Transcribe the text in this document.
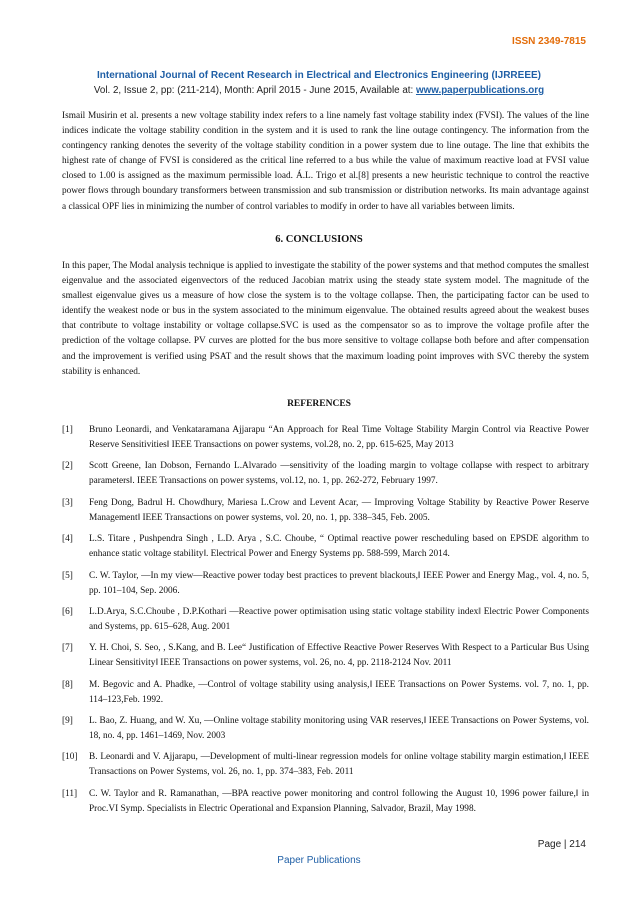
ISSN 2349-7815
International Journal of Recent Research in Electrical and Electronics Engineering (IJRREEE)
Vol. 2, Issue 2, pp: (211-214), Month: April 2015 - June 2015, Available at: www.paperpublications.org
Ismail Musirin et al. presents a new voltage stability index refers to a line namely fast voltage stability index (FVSI). The values of the line indices indicate the voltage stability condition in the system and it is used to rank the line outage contingency. The information from the contingency ranking denotes the severity of the voltage stability condition in a power system due to line outage. The line that exhibits the highest rate of change of FVSI is considered as the critical line referred to a bus while the value of maximum reactive load at FVSI value closed to 1.00 is assigned as the maximum permissible load. Á.L. Trigo et al.[8] presents a new heuristic technique to control the reactive power flows through boundary transformers between transmission and sub transmission or distribution networks. Its main advantage against a classical OPF lies in minimizing the number of control variables to modify in order to have all variables between limits.
6. CONCLUSIONS
In this paper, The Modal analysis technique is applied to investigate the stability of the power systems and that method computes the smallest eigenvalue and the associated eigenvectors of the reduced Jacobian matrix using the steady state system model. The magnitude of the smallest eigenvalue gives us a measure of how close the system is to the voltage collapse. Then, the participating factor can be used to identify the weakest node or bus in the system associated to the minimum eigenvalue. The obtained results agreed about the weakest buses that contribute to voltage instability or voltage collapse.SVC is used as the compensator so as to improve the voltage profile after the prediction of the voltage collapse. PV curves are plotted for the bus more sensitive to voltage collapse both before and after compensation and the improvement is verified using PSAT and the result shows that the maximum loading point improves with SVC thereby the system stability is enhanced.
REFERENCES
[1] Bruno Leonardi, and Venkataramana Ajjarapu “An Approach for Real Time Voltage Stability Margin Control via Reactive Power Reserve Sensitivities‖ IEEE Transactions on power systems, vol.28, no. 2, pp. 615-625, May 2013
[2] Scott Greene, Ian Dobson, Fernando L.Alvarado ―sensitivity of the loading margin to voltage collapse with respect to arbitrary parameters‖. IEEE Transactions on power systems, vol.12, no. 1, pp. 262-272, February 1997.
[3] Feng Dong, Badrul H. Chowdhury, Mariesa L.Crow and Levent Acar, ― Improving Voltage Stability by Reactive Power Reserve Management‖ IEEE Transactions on power systems, vol. 20, no. 1, pp. 338–345, Feb. 2005.
[4] L.S. Titare , Pushpendra Singh , L.D. Arya , S.C. Choube, “ Optimal reactive power rescheduling based on EPSDE algorithm to enhance static voltage stability‖. Electrical Power and Energy Systems pp. 588-599, March 2014.
[5] C. W. Taylor, ―In my view—Reactive power today best practices to prevent blackouts,‖ IEEE Power and Energy Mag., vol. 4, no. 5, pp. 101–104, Sep. 2006.
[6] L.D.Arya, S.C.Choube , D.P.Kothari ―Reactive power optimisation using static voltage stability index‖ Electric Power Components and Systems, pp. 615–628, Aug. 2001
[7] Y. H. Choi, S. Seo, , S.Kang, and B. Lee“ Justification of Effective Reactive Power Reserves With Respect to a Particular Bus Using Linear Sensitivity‖ IEEE Transactions on power systems, vol. 26, no. 4, pp. 2118-2124 Nov. 2011
[8] M. Begovic and A. Phadke, ―Control of voltage stability using analysis,‖ IEEE Transactions on Power Systems. vol. 7, no. 1, pp. 114–123,Feb. 1992.
[9] L. Bao, Z. Huang, and W. Xu, ―Online voltage stability monitoring using VAR reserves,‖ IEEE Transactions on Power Systems, vol. 18, no. 4, pp. 1461–1469, Nov. 2003
[10] B. Leonardi and V. Ajjarapu, ―Development of multi-linear regression models for online voltage stability margin estimation,‖ IEEE Transactions on Power Systems, vol. 26, no. 1, pp. 374–383, Feb. 2011
[11] C. W. Taylor and R. Ramanathan, ―BPA reactive power monitoring and control following the August 10, 1996 power failure,‖ in Proc.VI Symp. Specialists in Electric Operational and Expansion Planning, Salvador, Brazil, May 1998.
Page | 214
Paper Publications
